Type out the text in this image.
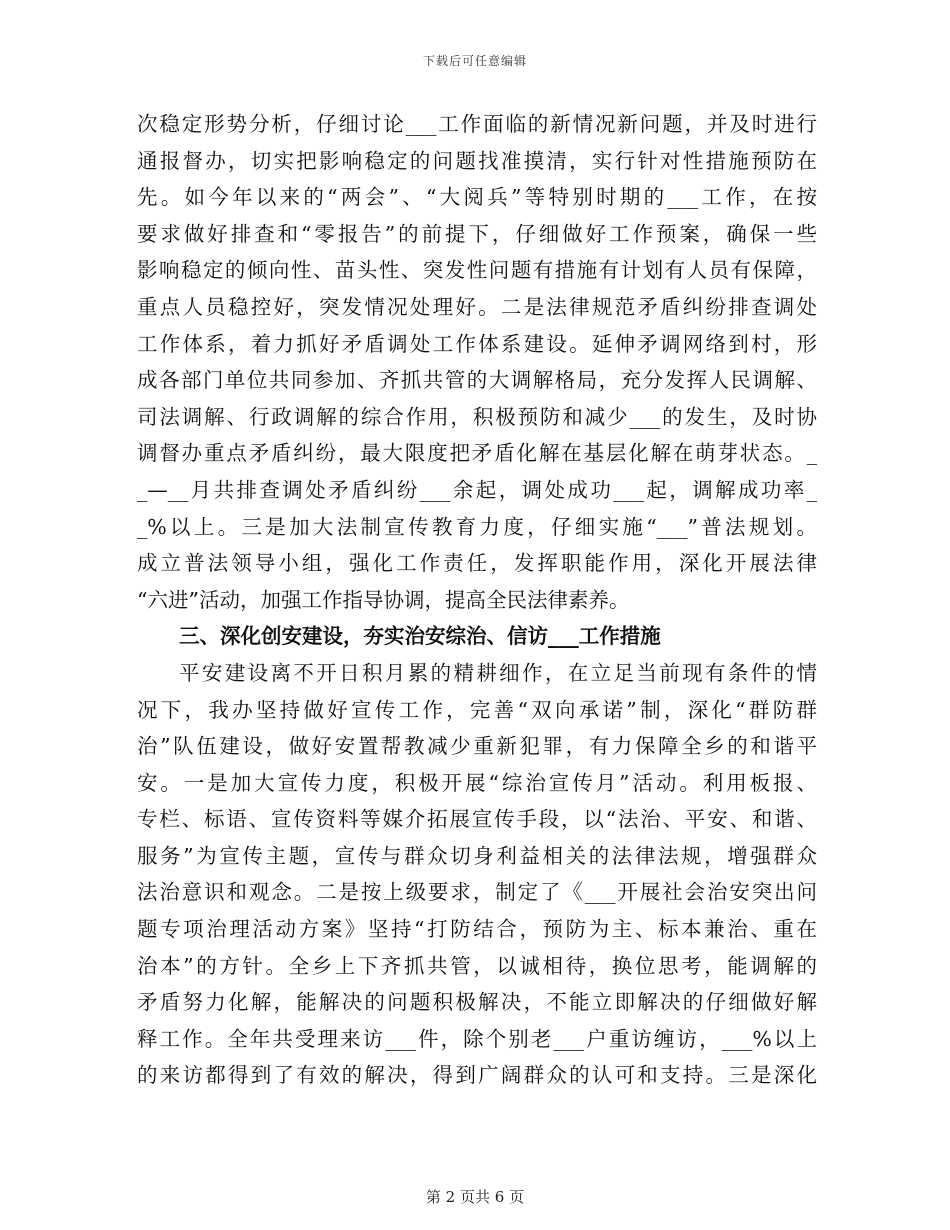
下载后可任意编辑
次稳定形势分析，仔细讨论___工作面临的新情况新问题，并及时进行
通报督办，切实把影响稳定的问题找准摸清，实行针对性措施预防在
先。如今年以来的“两会”、“大阅兵”等特别时期的___工作，在按
要求做好排查和“零报告”的前提下，仔细做好工作预案，确保一些
影响稳定的倾向性、苗头性、突发性问题有措施有计划有人员有保障，
重点人员稳控好，突发情况处理好。二是法律规范矛盾纠纷排查调处
工作体系，着力抓好矛盾调处工作体系建设。延伸矛调网络到村，形
成各部门单位共同参加、齐抓共管的大调解格局，充分发挥人民调解、
司法调解、行政调解的综合作用，积极预防和减少___的发生，及时协
调督办重点矛盾纠纷，最大限度把矛盾化解在基层化解在萌芽状态。_
_—__月共排查调处矛盾纠纷___余起，调处成功___起，调解成功率_
_%以上。三是加大法制宣传教育力度，仔细实施“___”普法规划。
成立普法领导小组，强化工作责任，发挥职能作用，深化开展法律
“六进”活动，加强工作指导协调，提高全民法律素养。
三、深化创安建设，夯实治安综治、信访___工作措施
平安建设离不开日积月累的精耕细作，在立足当前现有条件的情
况下，我办坚持做好宣传工作，完善“双向承诺”制，深化“群防群
治”队伍建设，做好安置帮教减少重新犯罪，有力保障全乡的和谐平
安。一是加大宣传力度，积极开展“综治宣传月”活动。利用板报、
专栏、标语、宣传资料等媒介拓展宣传手段，以“法治、平安、和谐、
服务”为宣传主题，宣传与群众切身利益相关的法律法规，增强群众
法治意识和观念。二是按上级要求，制定了《___开展社会治安突出问
题专项治理活动方案》坚持“打防结合，预防为主、标本兼治、重在
治本”的方针。全乡上下齐抓共管，以诚相待，换位思考，能调解的
矛盾努力化解，能解决的问题积极解决，不能立即解决的仔细做好解
释工作。全年共受理来访___件，除个别老___户重访缠访，___%以上
的来访都得到了有效的解决，得到广阔群众的认可和支持。三是深化
第 2 页共 6 页
